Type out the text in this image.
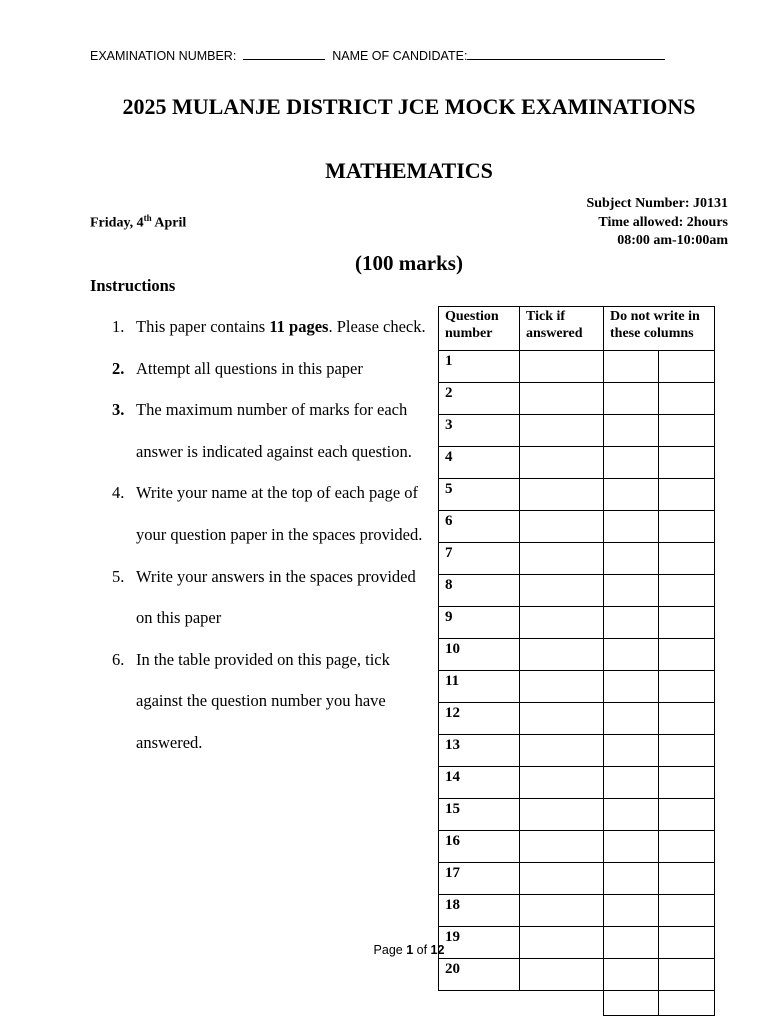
EXAMINATION NUMBER:	NAME OF CANDIDATE:
2025 MULANJE DISTRICT JCE MOCK EXAMINATIONS
MATHEMATICS
Subject Number: J0131
Time allowed: 2hours
08:00 am-10:00am
Friday, 4th April
(100 marks)
Instructions
1. This paper contains 11 pages. Please check.
2. Attempt all questions in this paper
3. The maximum number of marks for each answer is indicated against each question.
4. Write your name at the top of each page of your question paper in the spaces provided.
5. Write your answers in the spaces provided on this paper
6. In the table provided on this page, tick against the question number you have answered.
Question number	Tick if answered	Do not write in these columns	
1			
2			
3			
4			
5			
6			
7			
8			
9			
10			
11			
12			
13			
14			
15			
16			
17			
18			
19			
20			

Page 1 of 12
